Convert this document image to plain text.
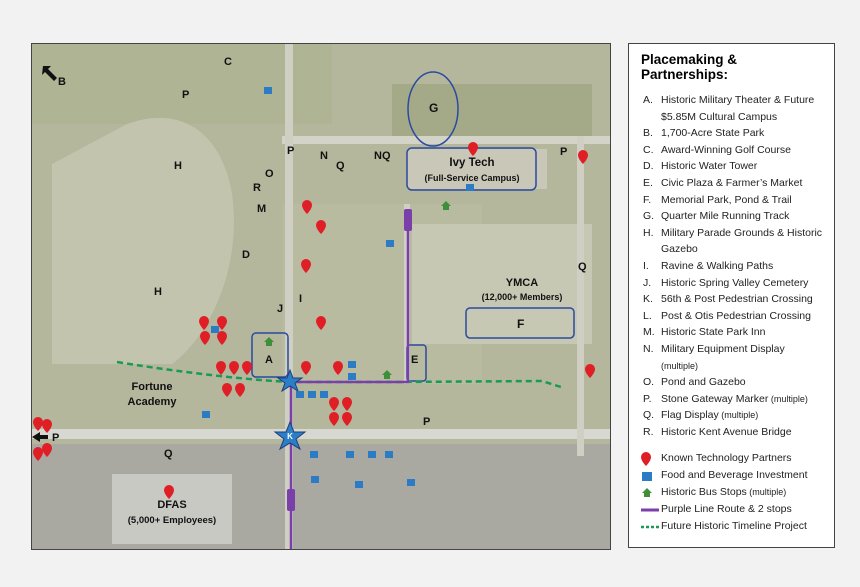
K
C
P
B
G
H
O
P N
Q
NQ
R
M
P
D
Q
H
J
I
A	E
F
P
P
Q
Ivy Tech
(Full-Service Campus)
YMCA
(12,000+ Members)
Fortune
Academy
DFAS
(5,000+ Employees)
Placemaking & Partnerships:
A. Historic Military Theater & Future $5.85M Cultural Campus
B. 1,700-Acre State Park
C. Award-Winning Golf Course
D. Historic Water Tower
E. Civic Plaza & Farmer’s Market
F. Memorial Park, Pond & Trail
G. Quarter Mile Running Track
H. Military Parade Grounds & Historic Gazebo
I.	Ravine & Walking Paths
J. Historic Spring Valley Cemetery
K. 56th & Post Pedestrian Crossing
L. Post & Otis Pedestrian Crossing
M. Historic State Park Inn
N. Military Equipment Display (multiple)
O. Pond and Gazebo
P. Stone Gateway Marker (multiple)
Q. Flag Display (multiple)
R. Historic Kent Avenue Bridge
Known Technology Partners
Food and Beverage Investment
Historic Bus Stops (multiple)
Purple Line Route & 2 stops
Future Historic Timeline Project
